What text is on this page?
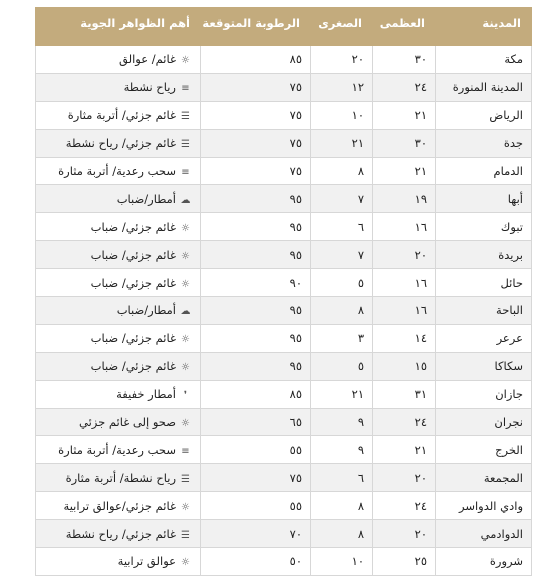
المدينة	العظمى	الصغرى	الرطوبة المتوقعة	أهم الظواهر الجوية
مكة	٣٠	٢٠	٨٥	☼غائم/ عوالق
المدينة المنورة	٢٤	١٢	٧٥	≡رياح نشطة
الرياض	٢١	١٠	٧٥	☰غائم جزئي/ أتربة مثارة
جدة	٣٠	٢١	٧٥	☰غائم جزئي/ رياح نشطة
الدمام	٢١	٨	٧٥	≡سحب رعدية/ أتربة مثارة
أبها	١٩	٧	٩٥	☁أمطار/ضباب
تبوك	١٦	٦	٩٥	☼غائم جزئي/ ضباب
بريدة	٢٠	٧	٩٥	☼غائم جزئي/ ضباب
حائل	١٦	٥	٩٠	☼غائم جزئي/ ضباب
الباحة	١٦	٨	٩٥	☁أمطار/ضباب
عرعر	١٤	٣	٩٥	☼غائم جزئي/ ضباب
سكاكا	١٥	٥	٩٥	☼غائم جزئي/ ضباب
جازان	٣١	٢١	٨٥	❜أمطار خفيفة
نجران	٢٤	٩	٦٥	☼صحو إلى غائم جزئي
الخرج	٢١	٩	٥٥	≡سحب رعدية/ أتربة مثارة
المجمعة	٢٠	٦	٧٥	☰رياح نشطة/ أتربة مثارة
وادي الدواسر	٢٤	٨	٥٥	☼غائم جزئي/عوالق ترابية
الدوادمي	٢٠	٨	٧٠	☰غائم جزئي/ رياح نشطة
شرورة	٢٥	١٠	٥٠	☼عوالق ترابية
